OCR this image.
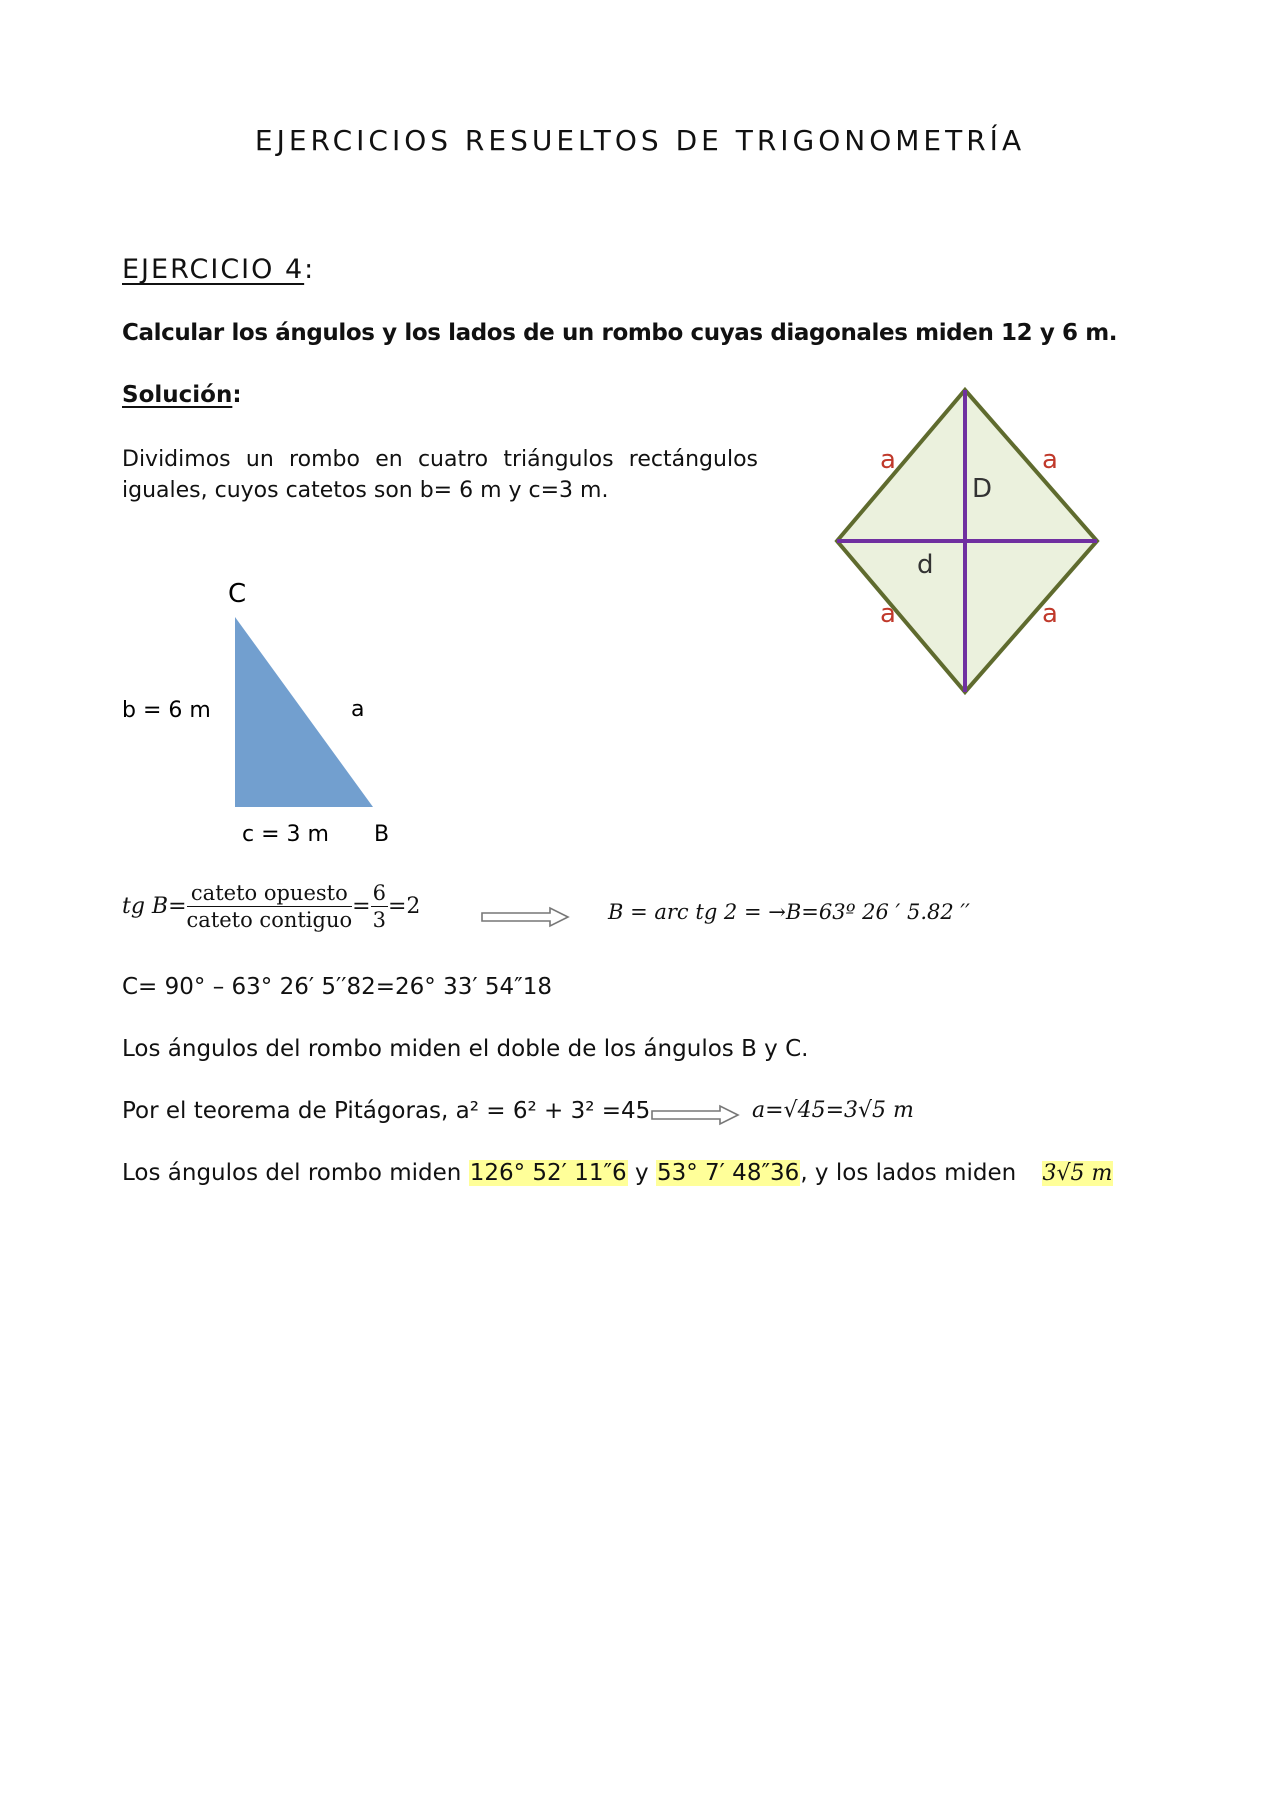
EJERCICIOS RESUELTOS DE TRIGONOMETRÍA
EJERCICIO 4:
Calcular los ángulos y los lados de un rombo cuyas diagonales miden 12 y 6 m.
Solución:
Dividimos un rombo en cuatro triángulos rectángulos iguales, cuyos catetos son b= 6 m y c=3 m.
C
b = 6 m	a
c = 3 m B
a	a
a	a
D
d
tg $B= \frac{\text{cateto opuesto}}{\text{cateto contiguo}} = \frac{6}{3} =2$	B = arc tg 2 = →B=63º 26 ′ 5.82 ′′
C= 90° – 63° 26′ 5′′82=26° 33′ 54″18
Los ángulos del rombo miden el doble de los ángulos B y C.
Por el teorema de Pitágoras, a² = 6² + 3² =45	a=√45=3√5 m
Los ángulos del rombo miden 126° 52′ 11″6 y 53° 7′ 48″36, y los lados miden 3√5 m
